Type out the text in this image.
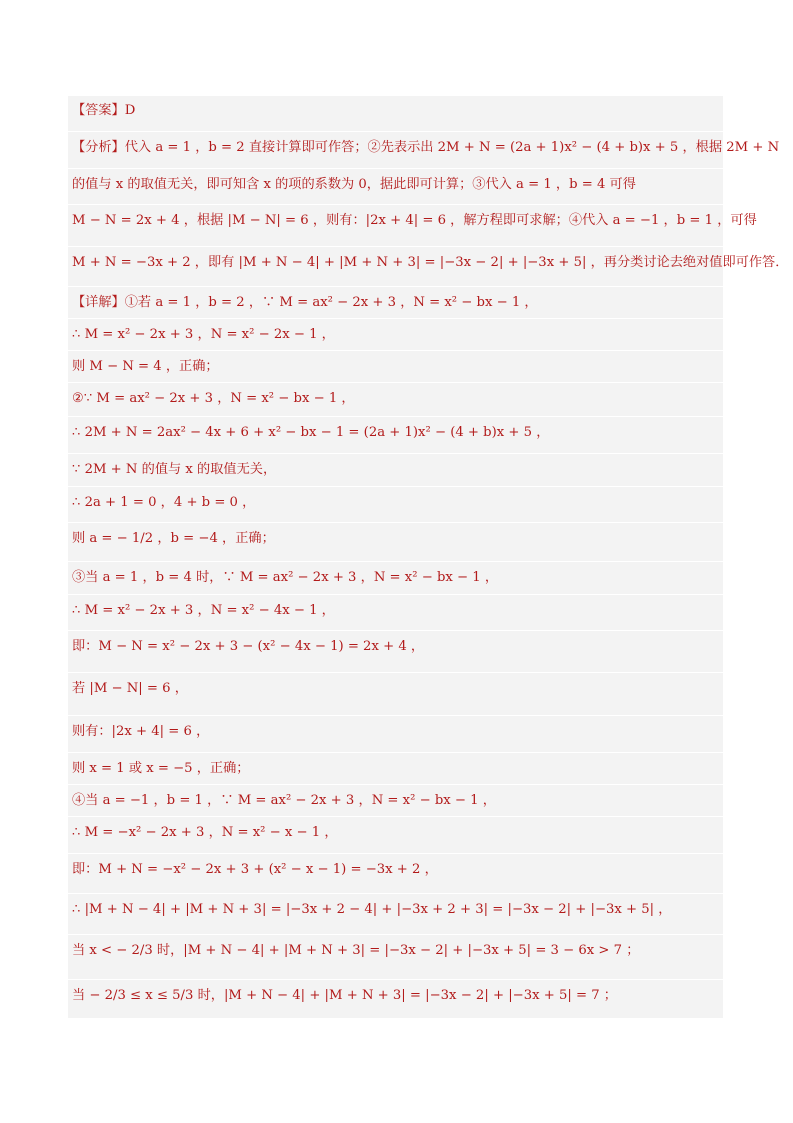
【答案】D
【分析】代入 a = 1 ，b = 2 直接计算即可作答；②先表示出 2M + N = (2a + 1)x² − (4 + b)x + 5 ，根据 2M + N
的值与 x 的取值无关，即可知含 x 的项的系数为 0，据此即可计算；③代入 a = 1 ，b = 4 可得
M − N = 2x + 4 ，根据 |M − N| = 6 ，则有：|2x + 4| = 6 ，解方程即可求解；④代入 a = −1 ，b = 1 ，可得
M + N = −3x + 2 ，即有 |M + N − 4| + |M + N + 3| = |−3x − 2| + |−3x + 5| ，再分类讨论去绝对值即可作答．
【详解】①若 a = 1 ，b = 2 ，∵ M = ax² − 2x + 3 ，N = x² − bx − 1 ，
∴ M = x² − 2x + 3 ，N = x² − 2x − 1 ，
则 M − N = 4 ，正确；
②∵ M = ax² − 2x + 3 ，N = x² − bx − 1 ，
∴ 2M + N = 2ax² − 4x + 6 + x² − bx − 1 = (2a + 1)x² − (4 + b)x + 5 ，
∵ 2M + N 的值与 x 的取值无关，
∴ 2a + 1 = 0 ，4 + b = 0 ，
则 a = − 1/2 ，b = −4 ，正确；
③当 a = 1 ，b = 4 时，∵ M = ax² − 2x + 3 ，N = x² − bx − 1 ，
∴ M = x² − 2x + 3 ，N = x² − 4x − 1 ，
即：M − N = x² − 2x + 3 − (x² − 4x − 1) = 2x + 4 ，
若 |M − N| = 6 ，
则有：|2x + 4| = 6 ，
则 x = 1 或 x = −5 ，正确；
④当 a = −1 ，b = 1 ，∵ M = ax² − 2x + 3 ，N = x² − bx − 1 ，
∴ M = −x² − 2x + 3 ，N = x² − x − 1 ，
即：M + N = −x² − 2x + 3 + (x² − x − 1) = −3x + 2 ，
∴ |M + N − 4| + |M + N + 3| = |−3x + 2 − 4| + |−3x + 2 + 3| = |−3x − 2| + |−3x + 5| ，
当 x < − 2/3 时，|M + N − 4| + |M + N + 3| = |−3x − 2| + |−3x + 5| = 3 − 6x > 7 ；
当 − 2/3 ≤ x ≤ 5/3 时，|M + N − 4| + |M + N + 3| = |−3x − 2| + |−3x + 5| = 7 ；
